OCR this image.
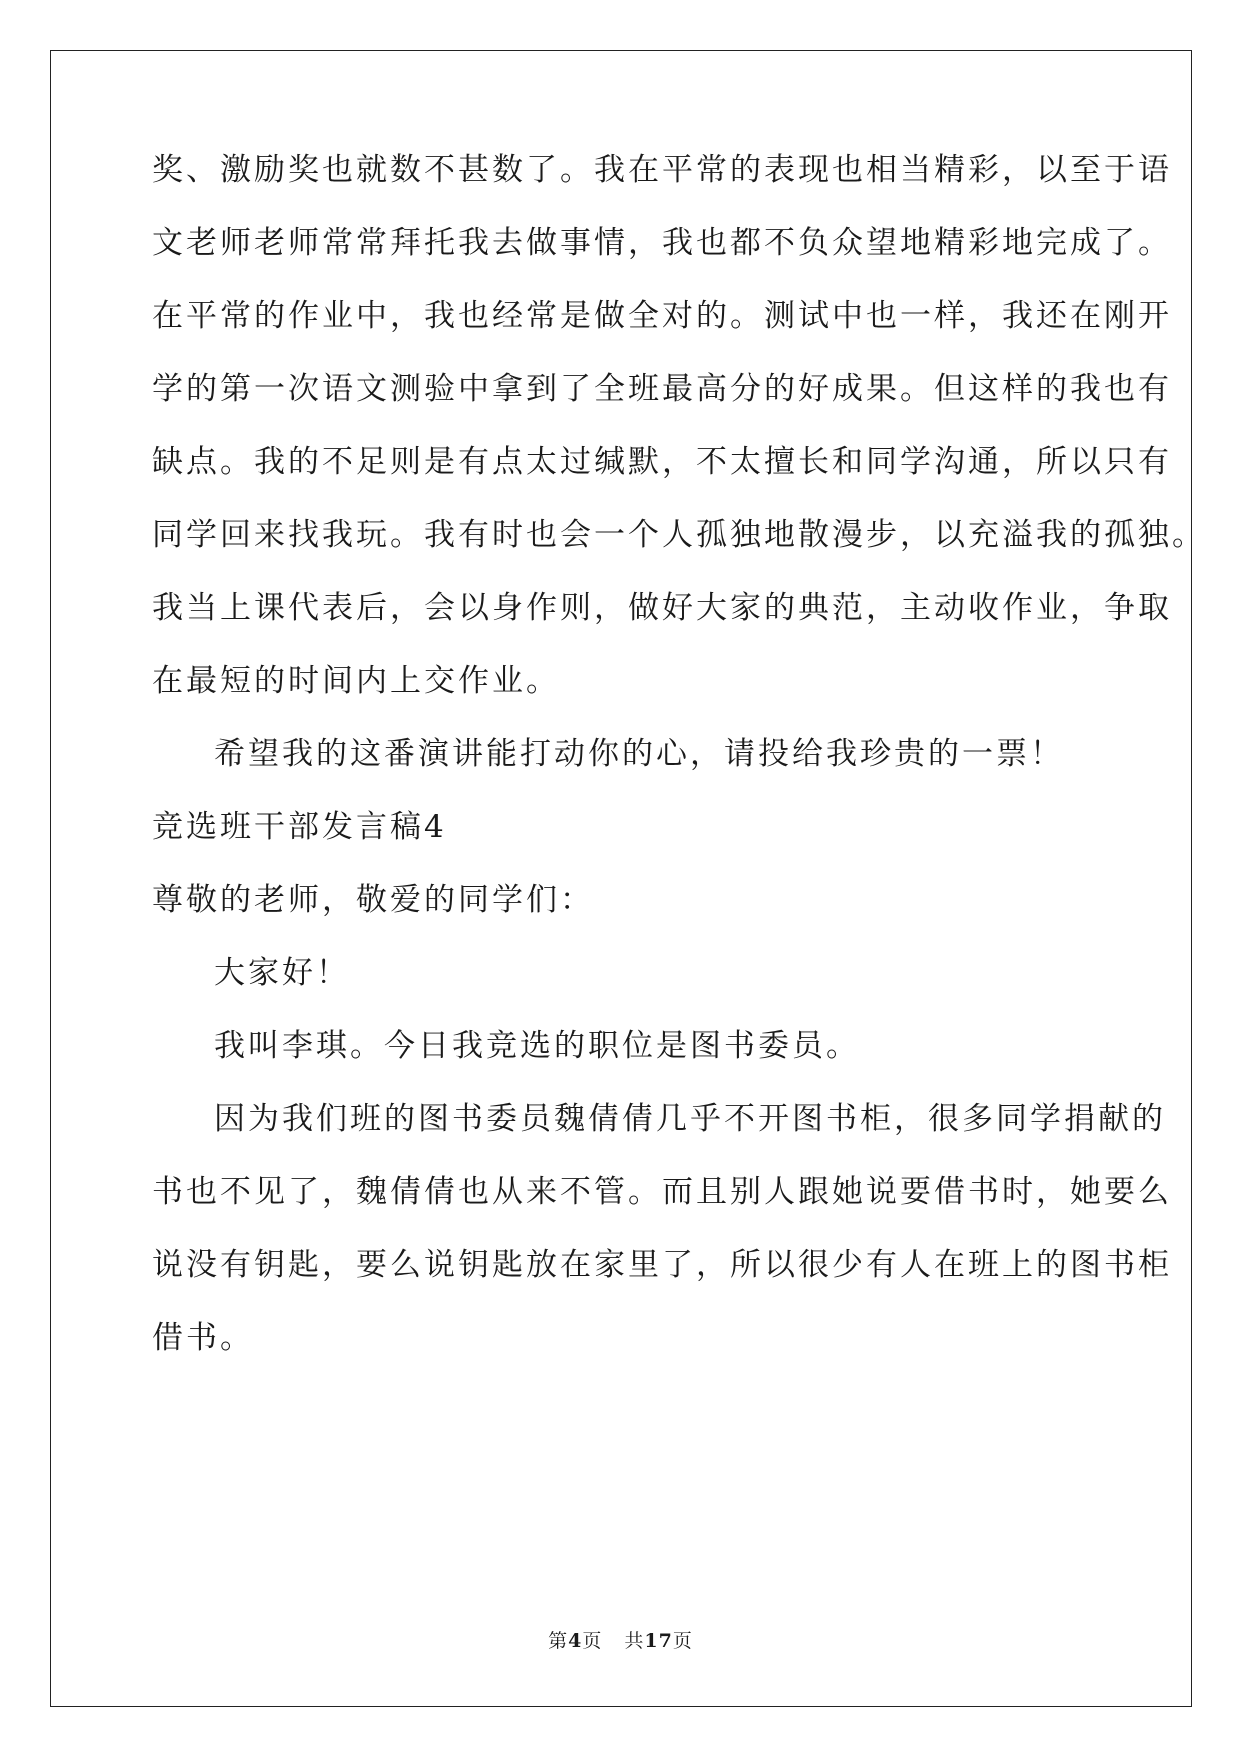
奖、激励奖也就数不甚数了。我在平常的表现也相当精彩，以至于语
文老师老师常常拜托我去做事情，我也都不负众望地精彩地完成了。
在平常的作业中，我也经常是做全对的。测试中也一样，我还在刚开
学的第一次语文测验中拿到了全班最高分的好成果。但这样的我也有
缺点。我的不足则是有点太过缄默，不太擅长和同学沟通，所以只有
同学回来找我玩。我有时也会一个人孤独地散漫步，以充溢我的孤独。
我当上课代表后，会以身作则，做好大家的典范，主动收作业，争取
在最短的时间内上交作业。
希望我的这番演讲能打动你的心，请投给我珍贵的一票！
竞选班干部发言稿4
尊敬的老师，敬爱的同学们：
大家好！
我叫李琪。今日我竞选的职位是图书委员。
因为我们班的图书委员魏倩倩几乎不开图书柜，很多同学捐献的
书也不见了，魏倩倩也从来不管。而且别人跟她说要借书时，她要么
说没有钥匙，要么说钥匙放在家里了，所以很少有人在班上的图书柜
借书。
第4页 共17页
